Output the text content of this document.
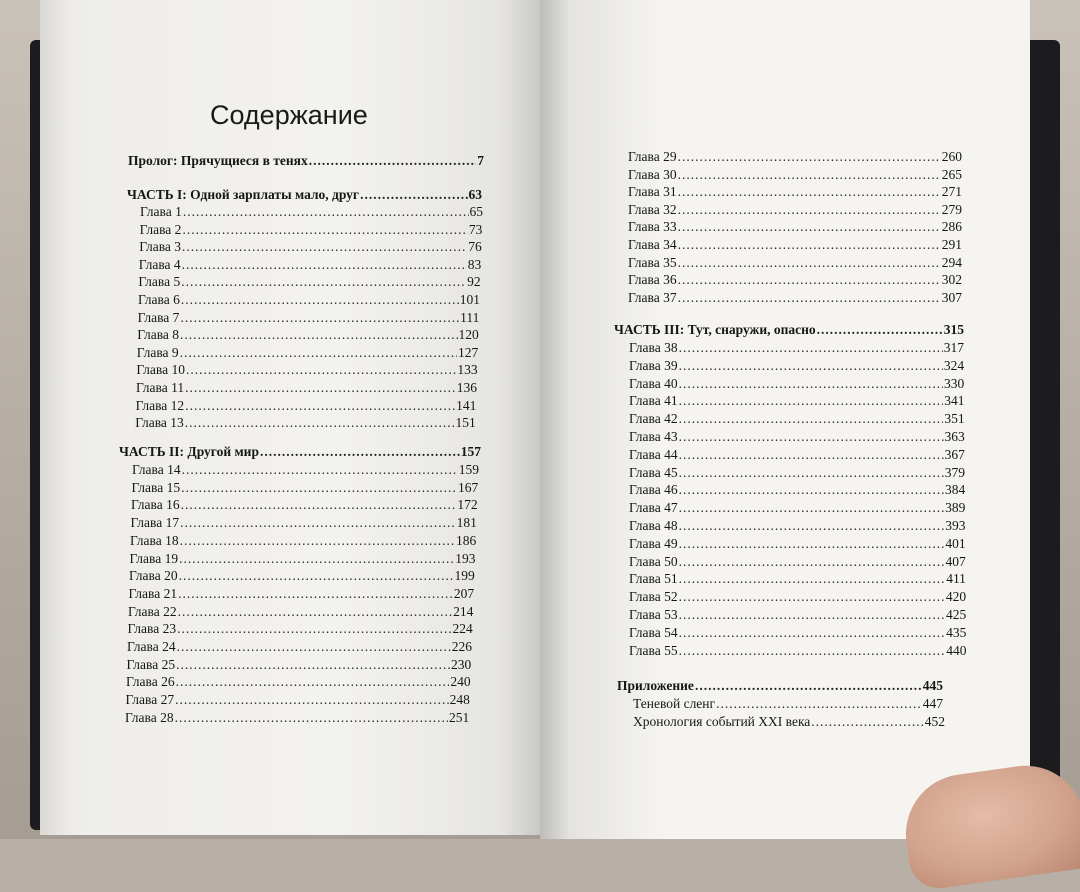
Содержание
Пролог: Прячущиеся в тенях .....	7
ЧАСТЬ I: Одной зарплаты мало, друг .....	63
Глава 1 .....	65
Глава 2 .....	73
Глава 3 .....	76
Глава 4 .....	83
Глава 5 .....	92
Глава 6 .....	101
Глава 7 .....	111
Глава 8 .....	120
Глава 9 .....	127
Глава 10 .....	133
Глава 11 .....	136
Глава 12 .....	141
Глава 13 .....	151
ЧАСТЬ II: Другой мир .....	157
Глава 14 .....	159
Глава 15 .....	167
Глава 16 .....	172
Глава 17 .....	181
Глава 18 .....	186
Глава 19 .....	193
Глава 20 .....	199
Глава 21 .....	207
Глава 22 .....	214
Глава 23 .....	224
Глава 24 .....	226
Глава 25 .....	230
Глава 26 .....	240
Глава 27 .....	248
Глава 28 .....	251
Глава 29 .....	260
Глава 30 .....	265
Глава 31 .....	271
Глава 32 .....	279
Глава 33 .....	286
Глава 34 .....	291
Глава 35 .....	294
Глава 36 .....	302
Глава 37 .....	307
ЧАСТЬ III: Тут, снаружи, опасно .....	315
Глава 38 .....	317
Глава 39 .....	324
Глава 40 .....	330
Глава 41 .....	341
Глава 42 .....	351
Глава 43 .....	363
Глава 44 .....	367
Глава 45 .....	379
Глава 46 .....	384
Глава 47 .....	389
Глава 48 .....	393
Глава 49 .....	401
Глава 50 .....	407
Глава 51 .....	411
Глава 52 .....	420
Глава 53 .....	425
Глава 54 .....	435
Глава 55 .....	440
Приложение .....	445
Теневой сленг .....	447
Хронология событий XXI века .....	452
